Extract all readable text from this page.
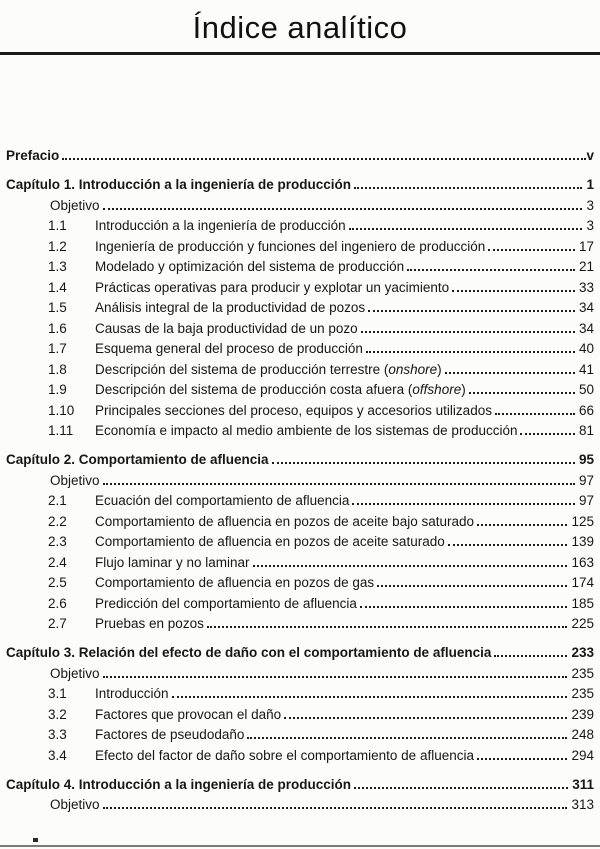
Índice analítico
Prefacio	v
Capítulo 1. Introducción a la ingeniería de producción	1
Objetivo	3
1.1	Introducción a la ingeniería de producción	3
1.2	Ingeniería de producción y funciones del ingeniero de producción	17
1.3	Modelado y optimización del sistema de producción	21
1.4	Prácticas operativas para producir y explotar un yacimiento	33
1.5	Análisis integral de la productividad de pozos	34
1.6	Causas de la baja productividad de un pozo	34
1.7	Esquema general del proceso de producción	40
1.8	Descripción del sistema de producción terrestre (onshore)	41
1.9	Descripción del sistema de producción costa afuera (offshore)	50
1.10	Principales secciones del proceso, equipos y accesorios utilizados	66
1.11	Economía e impacto al medio ambiente de los sistemas de producción	81
Capítulo 2. Comportamiento de afluencia	95
Objetivo	97
2.1	Ecuación del comportamiento de afluencia	97
2.2	Comportamiento de afluencia en pozos de aceite bajo saturado	125
2.3	Comportamiento de afluencia en pozos de aceite saturado	139
2.4	Flujo laminar y no laminar	163
2.5	Comportamiento de afluencia en pozos de gas	174
2.6	Predicción del comportamiento de afluencia	185
2.7	Pruebas en pozos	225
Capítulo 3. Relación del efecto de daño con el comportamiento de afluencia	233
Objetivo	235
3.1	Introducción	235
3.2	Factores que provocan el daño	239
3.3	Factores de pseudodaño	248
3.4	Efecto del factor de daño sobre el comportamiento de afluencia	294
Capítulo 4. Introducción a la ingeniería de producción	311
Objetivo	313
